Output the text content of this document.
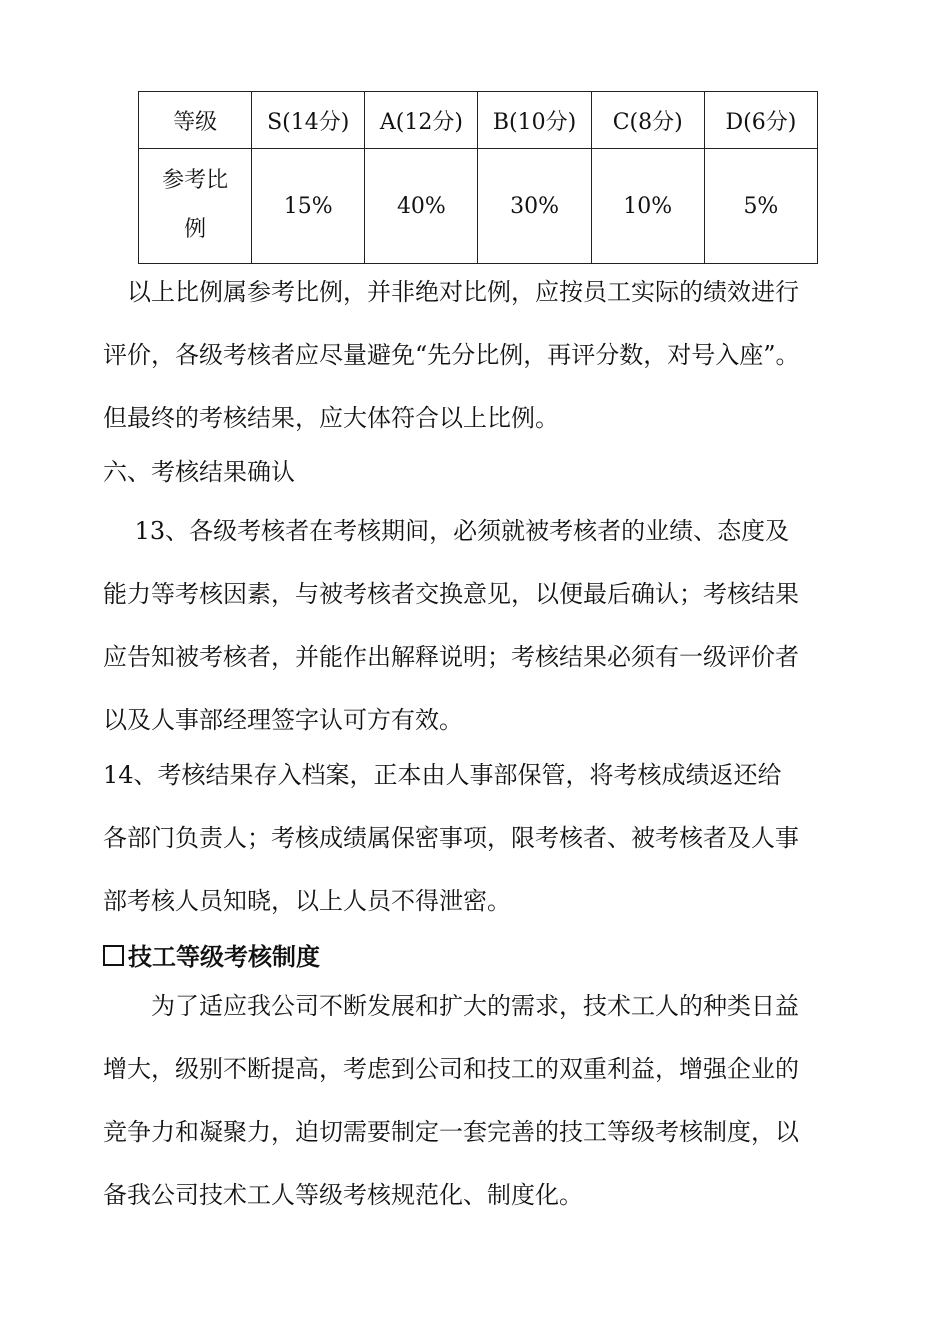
等级	S(14分)	A(12分)	B(10分)	C(8分)	D(6分)

参考比
例	15%	40%	30%	10%	5%

　以上比例属参考比例，并非绝对比例，应按员工实际的绩效进行

评价，各级考核者应尽量避免“先分比例，再评分数，对号入座”。

但最终的考核结果，应大体符合以上比例。

六、考核结果确认

　 13、各级考核者在考核期间，必须就被考核者的业绩、态度及

能力等考核因素，与被考核者交换意见，以便最后确认；考核结果

应告知被考核者，并能作出解释说明；考核结果必须有一级评价者

以及人事部经理签字认可方有效。

14、考核结果存入档案，正本由人事部保管，将考核成绩返还给

各部门负责人；考核成绩属保密事项，限考核者、被考核者及人事

部考核人员知晓，以上人员不得泄密。

技工等级考核制度

　　为了适应我公司不断发展和扩大的需求，技术工人的种类日益

增大，级别不断提高，考虑到公司和技工的双重利益，增强企业的

竞争力和凝聚力，迫切需要制定一套完善的技工等级考核制度，以

备我公司技术工人等级考核规范化、制度化。
